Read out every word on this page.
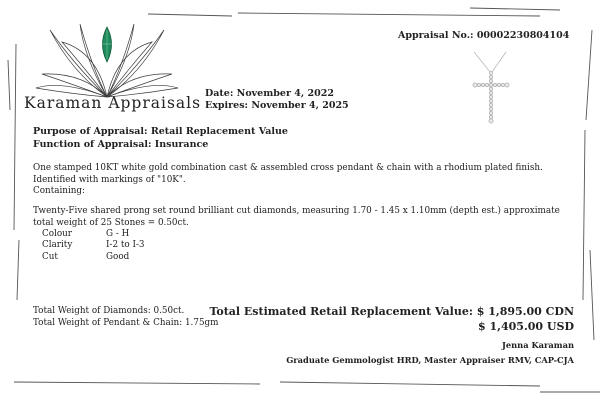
Karaman Appraisals
Date: November 4, 2022
Expires: November 4, 2025
Appraisal No.: 00002230804104
Purpose of Appraisal: Retail Replacement Value
Function of Appraisal: Insurance
One stamped 10KT white gold combination cast & assembled cross pendant & chain with a rhodium plated finish. Identified with markings of "10K".
Containing:
Twenty-Five shared prong set round brilliant cut diamonds, measuring 1.70 - 1.45 x 1.10mm (depth est.) approximate total weight of 25 Stones = 0.50ct.
Colour	G - H
Clarity	I-2 to I-3
Cut	Good
Total Weight of Diamonds: 0.50ct.
Total Weight of Pendant & Chain: 1.75gm
Total Estimated Retail Replacement Value: $ 1,895.00 CDN
$ 1,405.00 USD
Jenna Karaman
Graduate Gemmologist HRD, Master Appraiser RMV, CAP-CJA
